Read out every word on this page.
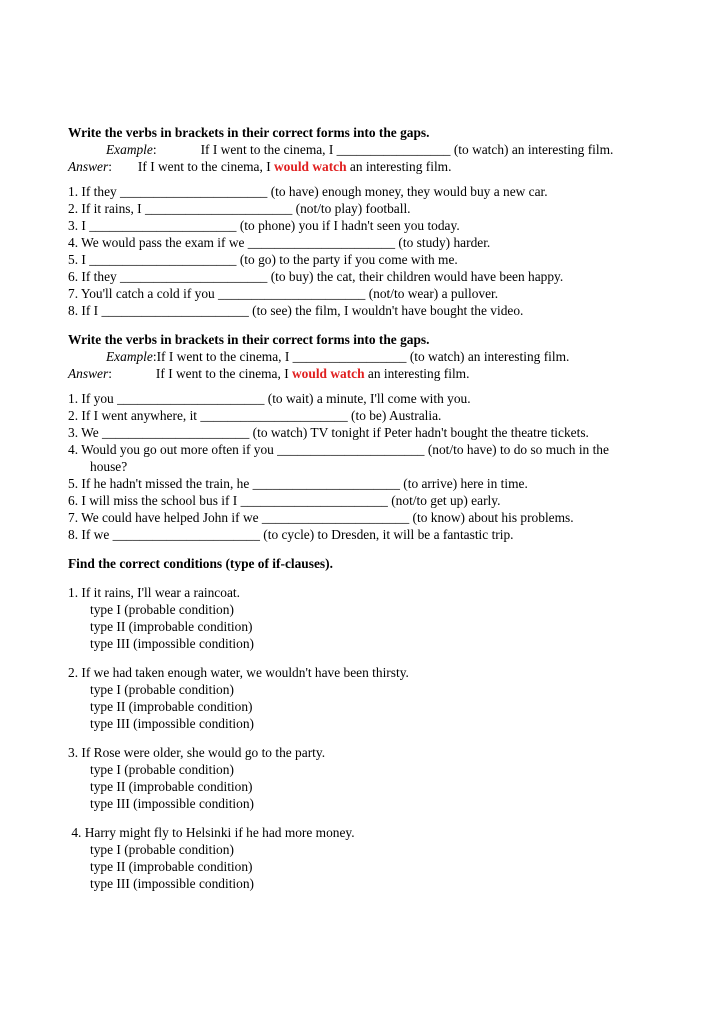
Write the verbs in brackets in their correct forms into the gaps.
Example:	If I went to the cinema, I _________________ (to watch) an interesting film.
Answer: If I went to the cinema, I would watch an interesting film.
1. If they ______________________ (to have) enough money, they would buy a new car.
2. If it rains, I ______________________ (not/to play) football.
3. I ______________________ (to phone) you if I hadn't seen you today.
4. We would pass the exam if we ______________________ (to study) harder.
5. I ______________________ (to go) to the party if you come with me.
6. If they ______________________ (to buy) the cat, their children would have been happy.
7. You'll catch a cold if you ______________________ (not/to wear) a pullover.
8. If I ______________________ (to see) the film, I wouldn't have bought the video.
Write the verbs in brackets in their correct forms into the gaps.
Example:If I went to the cinema, I _________________ (to watch) an interesting film.
Answer:	If I went to the cinema, I would watch an interesting film.
1. If you ______________________ (to wait) a minute, I'll come with you.
2. If I went anywhere, it ______________________ (to be) Australia.
3. We ______________________ (to watch) TV tonight if Peter hadn't bought the theatre tickets.
4. Would you go out more often if you ______________________ (not/to have) to do so much in the
house?
5. If he hadn't missed the train, he ______________________ (to arrive) here in time.
6. I will miss the school bus if I ______________________ (not/to get up) early.
7. We could have helped John if we ______________________ (to know) about his problems.
8. If we ______________________ (to cycle) to Dresden, it will be a fantastic trip.
Find the correct conditions (type of if-clauses).
1. If it rains, I'll wear a raincoat.
type I (probable condition)
type II (improbable condition)
type III (impossible condition)
2. If we had taken enough water, we wouldn't have been thirsty.
type I (probable condition)
type II (improbable condition)
type III (impossible condition)
3. If Rose were older, she would go to the party.
type I (probable condition)
type II (improbable condition)
type III (impossible condition)
4. Harry might fly to Helsinki if he had more money.
type I (probable condition)
type II (improbable condition)
type III (impossible condition)
